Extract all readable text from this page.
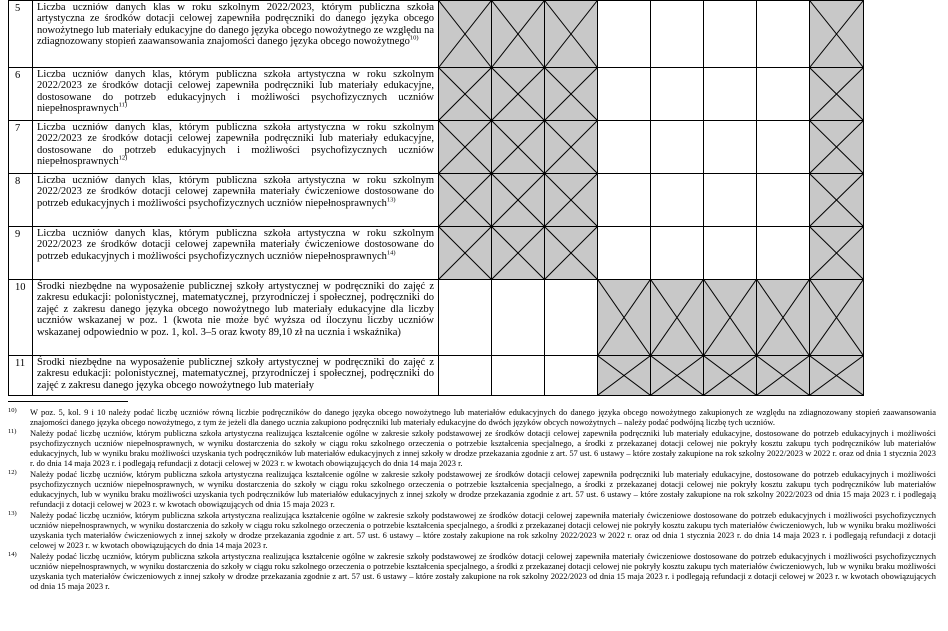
5	Liczba uczniów danych klas w roku szkolnym 2022/2023, którym publiczna szkoła artystyczna ze środków dotacji celowej zapewniła podręczniki do danego języka obcego nowożytnego lub materiały edukacyjne do danego języka obcego nowożytnego ze względu na zdiagnozowany stopień zaawansowania znajomości danego języka obcego nowożytnego$^{10)}$	

6	Liczba uczniów danych klas, którym publiczna szkoła artystyczna w roku szkolnym 2022/2023 ze środków dotacji celowej zapewniła podręczniki lub materiały edukacyjne, dostosowane do potrzeb edukacyjnych i możliwości psychofizycznych uczniów niepełnosprawnych$^{11)}$	

7	Liczba uczniów danych klas, którym publiczna szkoła artystyczna w roku szkolnym 2022/2023 ze środków dotacji celowej zapewniła podręczniki lub materiały edukacyjne, dostosowane do potrzeb edukacyjnych i możliwości psychofizycznych uczniów niepełnosprawnych$^{12)}$	

8	Liczba uczniów danych klas, którym publiczna szkoła artystyczna w roku szkolnym 2022/2023 ze środków dotacji celowej zapewniła materiały ćwiczeniowe dostosowane do potrzeb edukacyjnych i możliwości psychofizycznych uczniów niepełnosprawnych$^{13)}$	

9	Liczba uczniów danych klas, którym publiczna szkoła artystyczna w roku szkolnym 2022/2023 ze środków dotacji celowej zapewniła materiały ćwiczeniowe dostosowane do potrzeb edukacyjnych i możliwości psychofizycznych uczniów niepełnosprawnych$^{14)}$	

10	Środki niezbędne na wyposażenie publicznej szkoły artystycznej w podręczniki do zajęć z zakresu edukacji: polonistycznej, matematycznej, przyrodniczej i społecznej, podręczniki do zajęć z zakresu danego języka obcego nowożytnego lub materiały edukacyjne dla liczby uczniów wskazanej w poz. 1 (kwota nie może być wyższa od iloczynu liczby uczniów wskazanej odpowiednio w poz. 1, kol. 3–5 oraz kwoty 89,10 zł na ucznia i wskaźnika)				

11	Środki niezbędne na wyposażenie publicznej szkoły artystycznej w podręczniki do zajęć z zakresu edukacji: polonistycznej, matematycznej, przyrodniczej i społecznej, podręczniki do zajęć z zakresu danego języka obcego nowożytnego lub materiały				

10) W poz. 5, kol. 9 i 10 należy podać liczbę uczniów równą liczbie podręczników do danego języka obcego nowożytnego lub materiałów edukacyjnych do danego języka obcego nowożytnego zakupionych ze względu na zdiagnozowany stopień zaawansowania znajomości danego języka obcego nowożytnego, z tym że jeżeli dla danego ucznia zakupiono podręczniki lub materiały edukacyjne do dwóch języków obcych nowożytnych – należy podać podwójną liczbę tych uczniów.
11) Należy podać liczbę uczniów, którym publiczna szkoła artystyczna realizująca kształcenie ogólne w zakresie szkoły podstawowej ze środków dotacji celowej zapewniła podręczniki lub materiały edukacyjne, dostosowane do potrzeb edukacyjnych i możliwości psychofizycznych uczniów niepełnosprawnych, w wyniku dostarczenia do szkoły w ciągu roku szkolnego orzeczenia o potrzebie kształcenia specjalnego, a środki z przekazanej dotacji celowej nie pokryły kosztu zakupu tych podręczników lub materiałów edukacyjnych, lub w wyniku braku możliwości uzyskania tych podręczników lub materiałów edukacyjnych z innej szkoły w drodze przekazania zgodnie z art. 57 ust. 6 ustawy – które zostały zakupione na rok szkolny 2022/2023 w 2022 r. oraz od dnia 1 stycznia 2023 r. do dnia 14 maja 2023 r. i podlegają refundacji z dotacji celowej w 2023 r. w kwotach obowiązujących do dnia 14 maja 2023 r.
12) Należy podać liczbę uczniów, którym publiczna szkoła artystyczna realizująca kształcenie ogólne w zakresie szkoły podstawowej ze środków dotacji celowej zapewniła podręczniki lub materiały edukacyjne, dostosowane do potrzeb edukacyjnych i możliwości psychofizycznych uczniów niepełnosprawnych, w wyniku dostarczenia do szkoły w ciągu roku szkolnego orzeczenia o potrzebie kształcenia specjalnego, a środki z przekazanej dotacji celowej nie pokryły kosztu zakupu tych podręczników lub materiałów edukacyjnych, lub w wyniku braku możliwości uzyskania tych podręczników lub materiałów edukacyjnych z innej szkoły w drodze przekazania zgodnie z art. 57 ust. 6 ustawy – które zostały zakupione na rok szkolny 2022/2023 od dnia 15 maja 2023 r. i podlegają refundacji z dotacji celowej w 2023 r. w kwotach obowiązujących od dnia 15 maja 2023 r.
13) Należy podać liczbę uczniów, którym publiczna szkoła artystyczna realizująca kształcenie ogólne w zakresie szkoły podstawowej ze środków dotacji celowej zapewniła materiały ćwiczeniowe dostosowane do potrzeb edukacyjnych i możliwości psychofizycznych uczniów niepełnosprawnych, w wyniku dostarczenia do szkoły w ciągu roku szkolnego orzeczenia o potrzebie kształcenia specjalnego, a środki z przekazanej dotacji celowej nie pokryły kosztu zakupu tych materiałów ćwiczeniowych, lub w wyniku braku możliwości uzyskania tych materiałów ćwiczeniowych z innej szkoły w drodze przekazania zgodnie z art. 57 ust. 6 ustawy – które zostały zakupione na rok szkolny 2022/2023 w 2022 r. oraz od dnia 1 stycznia 2023 r. do dnia 14 maja 2023 r. i podlegają refundacji z dotacji celowej w 2023 r. w kwotach obowiązujących do dnia 14 maja 2023 r.
14) Należy podać liczbę uczniów, którym publiczna szkoła artystyczna realizująca kształcenie ogólne w zakresie szkoły podstawowej ze środków dotacji celowej zapewniła materiały ćwiczeniowe dostosowane do potrzeb edukacyjnych i możliwości psychofizycznych uczniów niepełnosprawnych, w wyniku dostarczenia do szkoły w ciągu roku szkolnego orzeczenia o potrzebie kształcenia specjalnego, a środki z przekazanej dotacji celowej nie pokryły kosztu zakupu tych materiałów ćwiczeniowych, lub w wyniku braku możliwości uzyskania tych materiałów ćwiczeniowych z innej szkoły w drodze przekazania zgodnie z art. 57 ust. 6 ustawy – które zostały zakupione na rok szkolny 2022/2023 od dnia 15 maja 2023 r. i podlegają refundacji z dotacji celowej w 2023 r. w kwotach obowiązujących od dnia 15 maja 2023 r.
